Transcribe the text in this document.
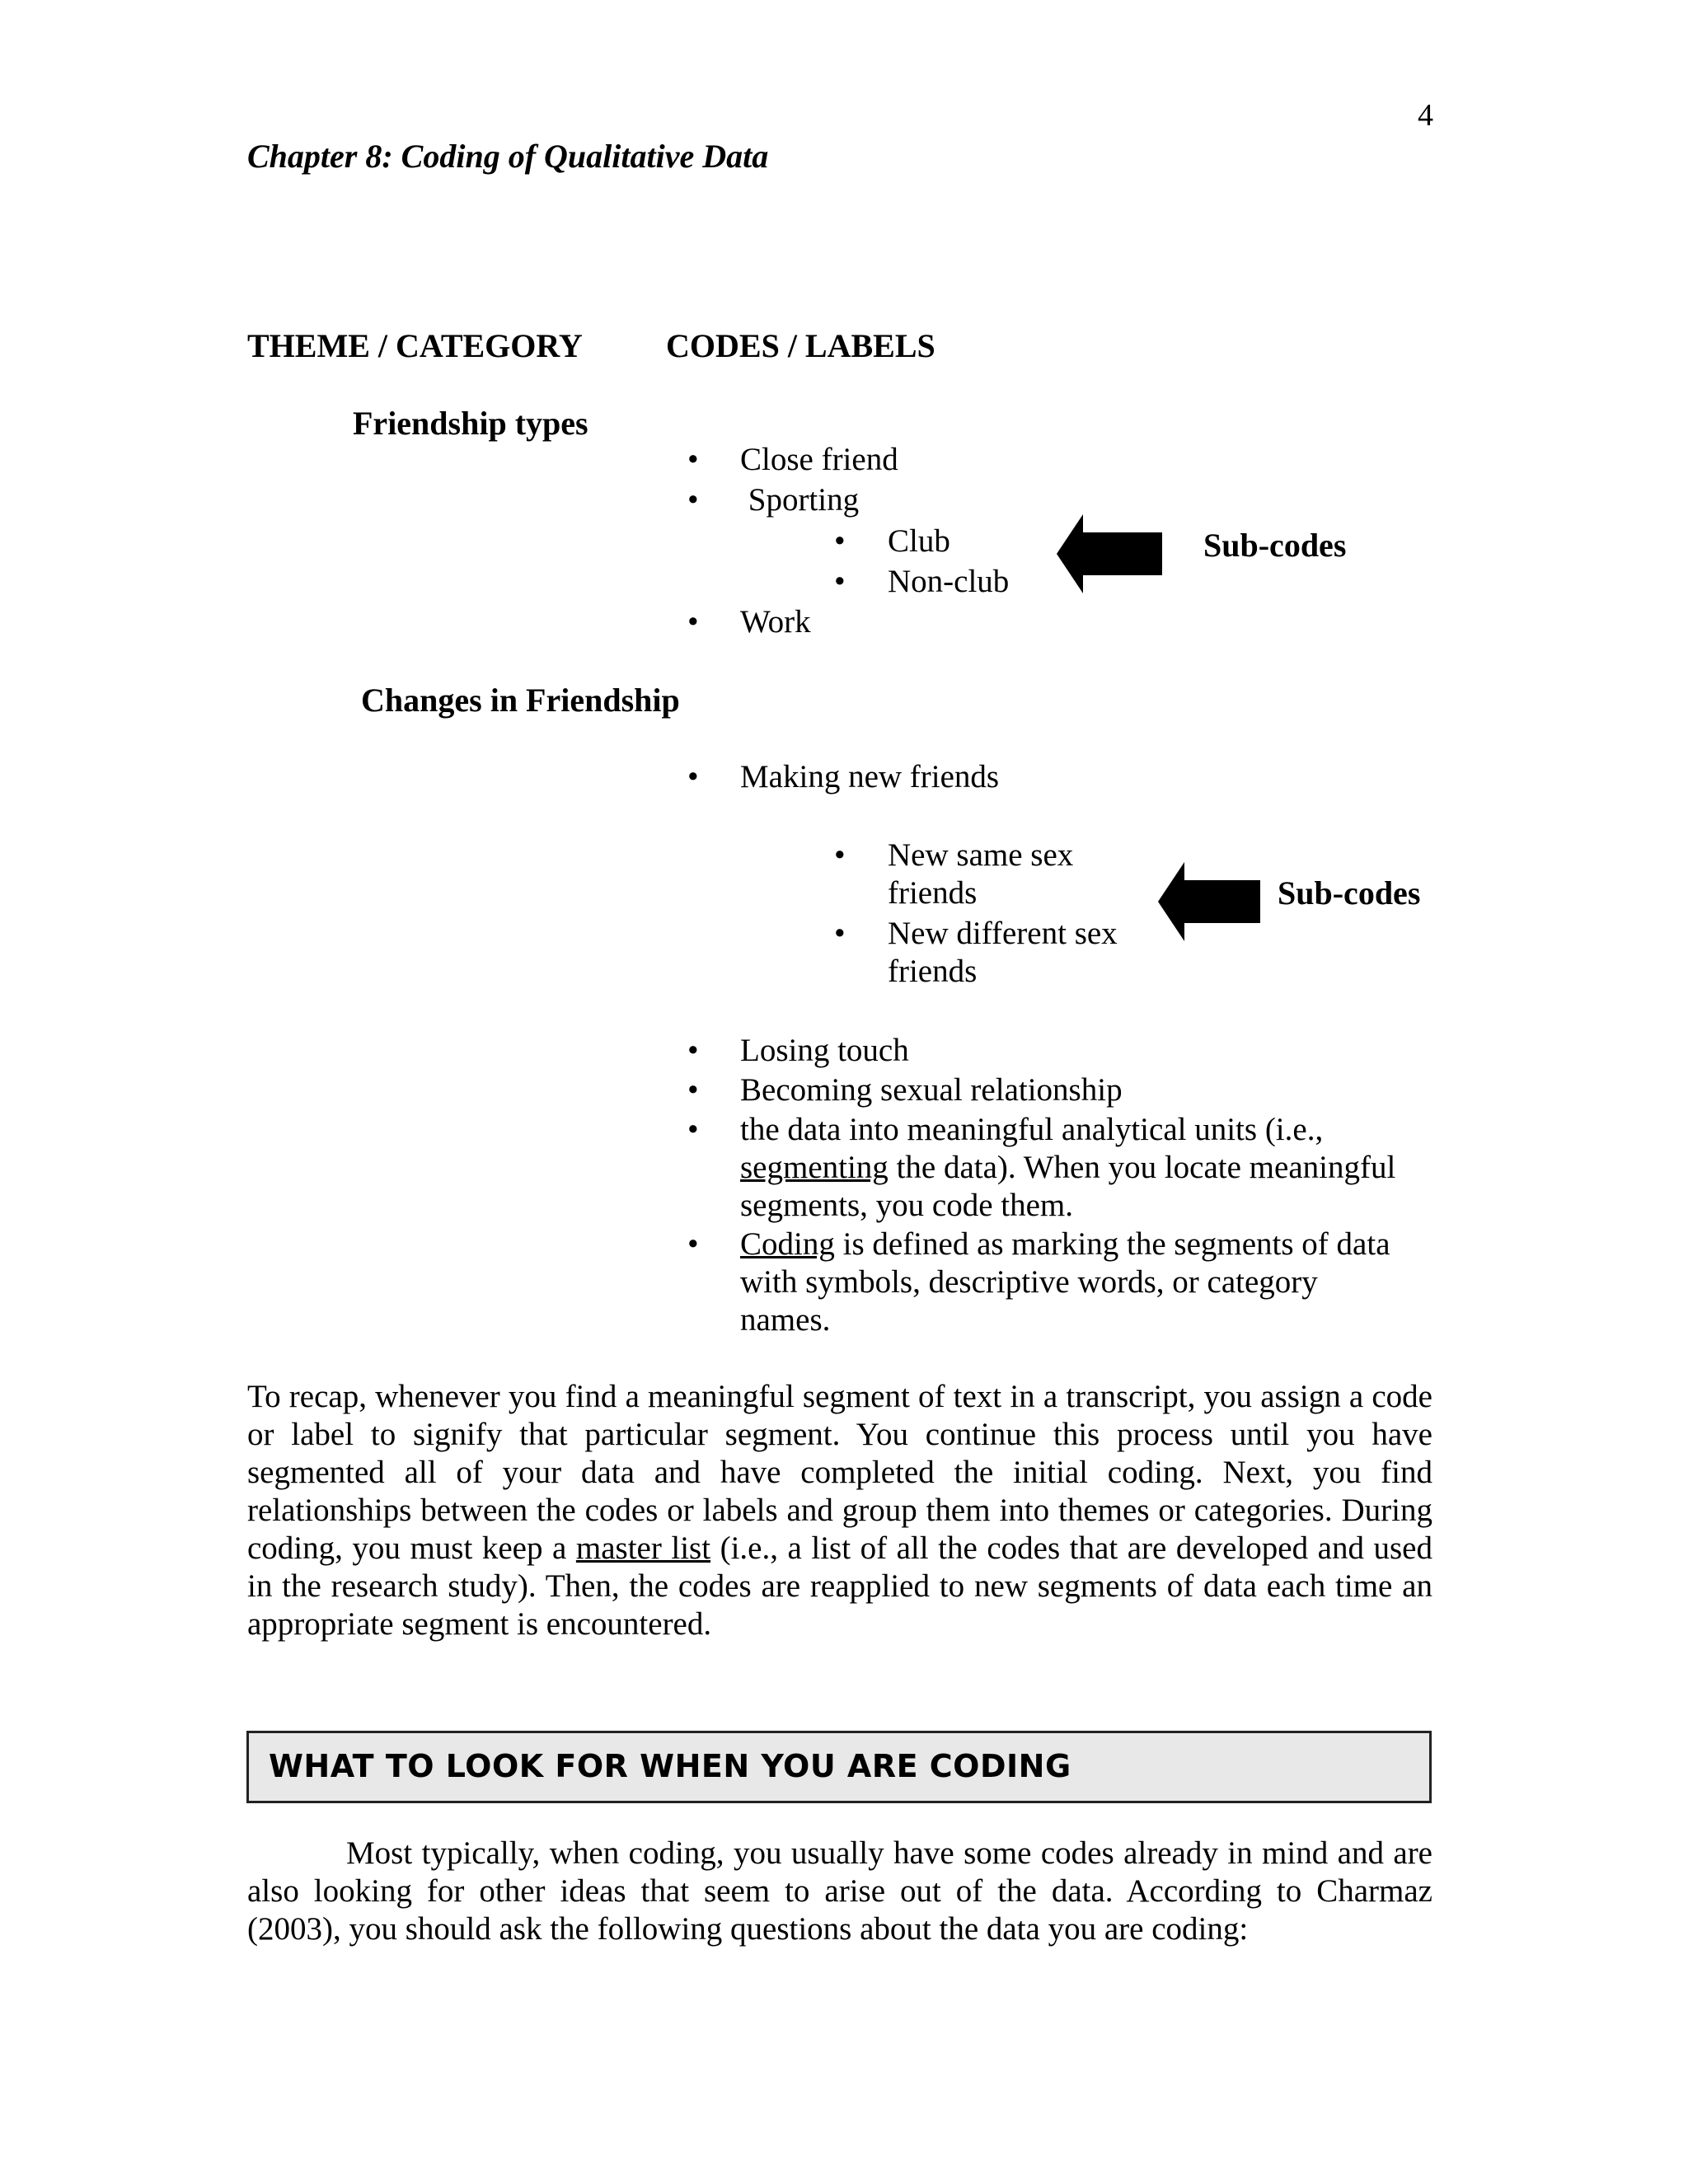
4
Chapter 8: Coding of Qualitative Data
THEME / CATEGORY	CODES / LABELS
Friendship types
• Close friend
• Sporting
• Club
• Non-club
• Work
Sub-codes
Changes in Friendship
• Making new friends
• New same sex
friends
• New different sex
friends
• Losing touch
• Becoming sexual relationship
• the data into meaningful analytical units (i.e.,
segmenting the data). When you locate meaningful
segments, you code them.
• Coding is defined as marking the segments of data
with symbols, descriptive words, or category
names.
Sub-codes
To recap, whenever you find a meaningful segment of text in a transcript, you assign a code or label to signify that particular segment. You continue this process until you have segmented all of your data and have completed the initial coding. Next, you find relationships between the codes or labels and group them into themes or categories. During coding, you must keep a master list (i.e., a list of all the codes that are developed and used in the research study). Then, the codes are reapplied to new segments of data each time an appropriate segment is encountered.
WHAT TO LOOK FOR WHEN YOU ARE CODING
Most typically, when coding, you usually have some codes already in mind and are also looking for other ideas that seem to arise out of the data. According to Charmaz (2003), you should ask the following questions about the data you are coding:
